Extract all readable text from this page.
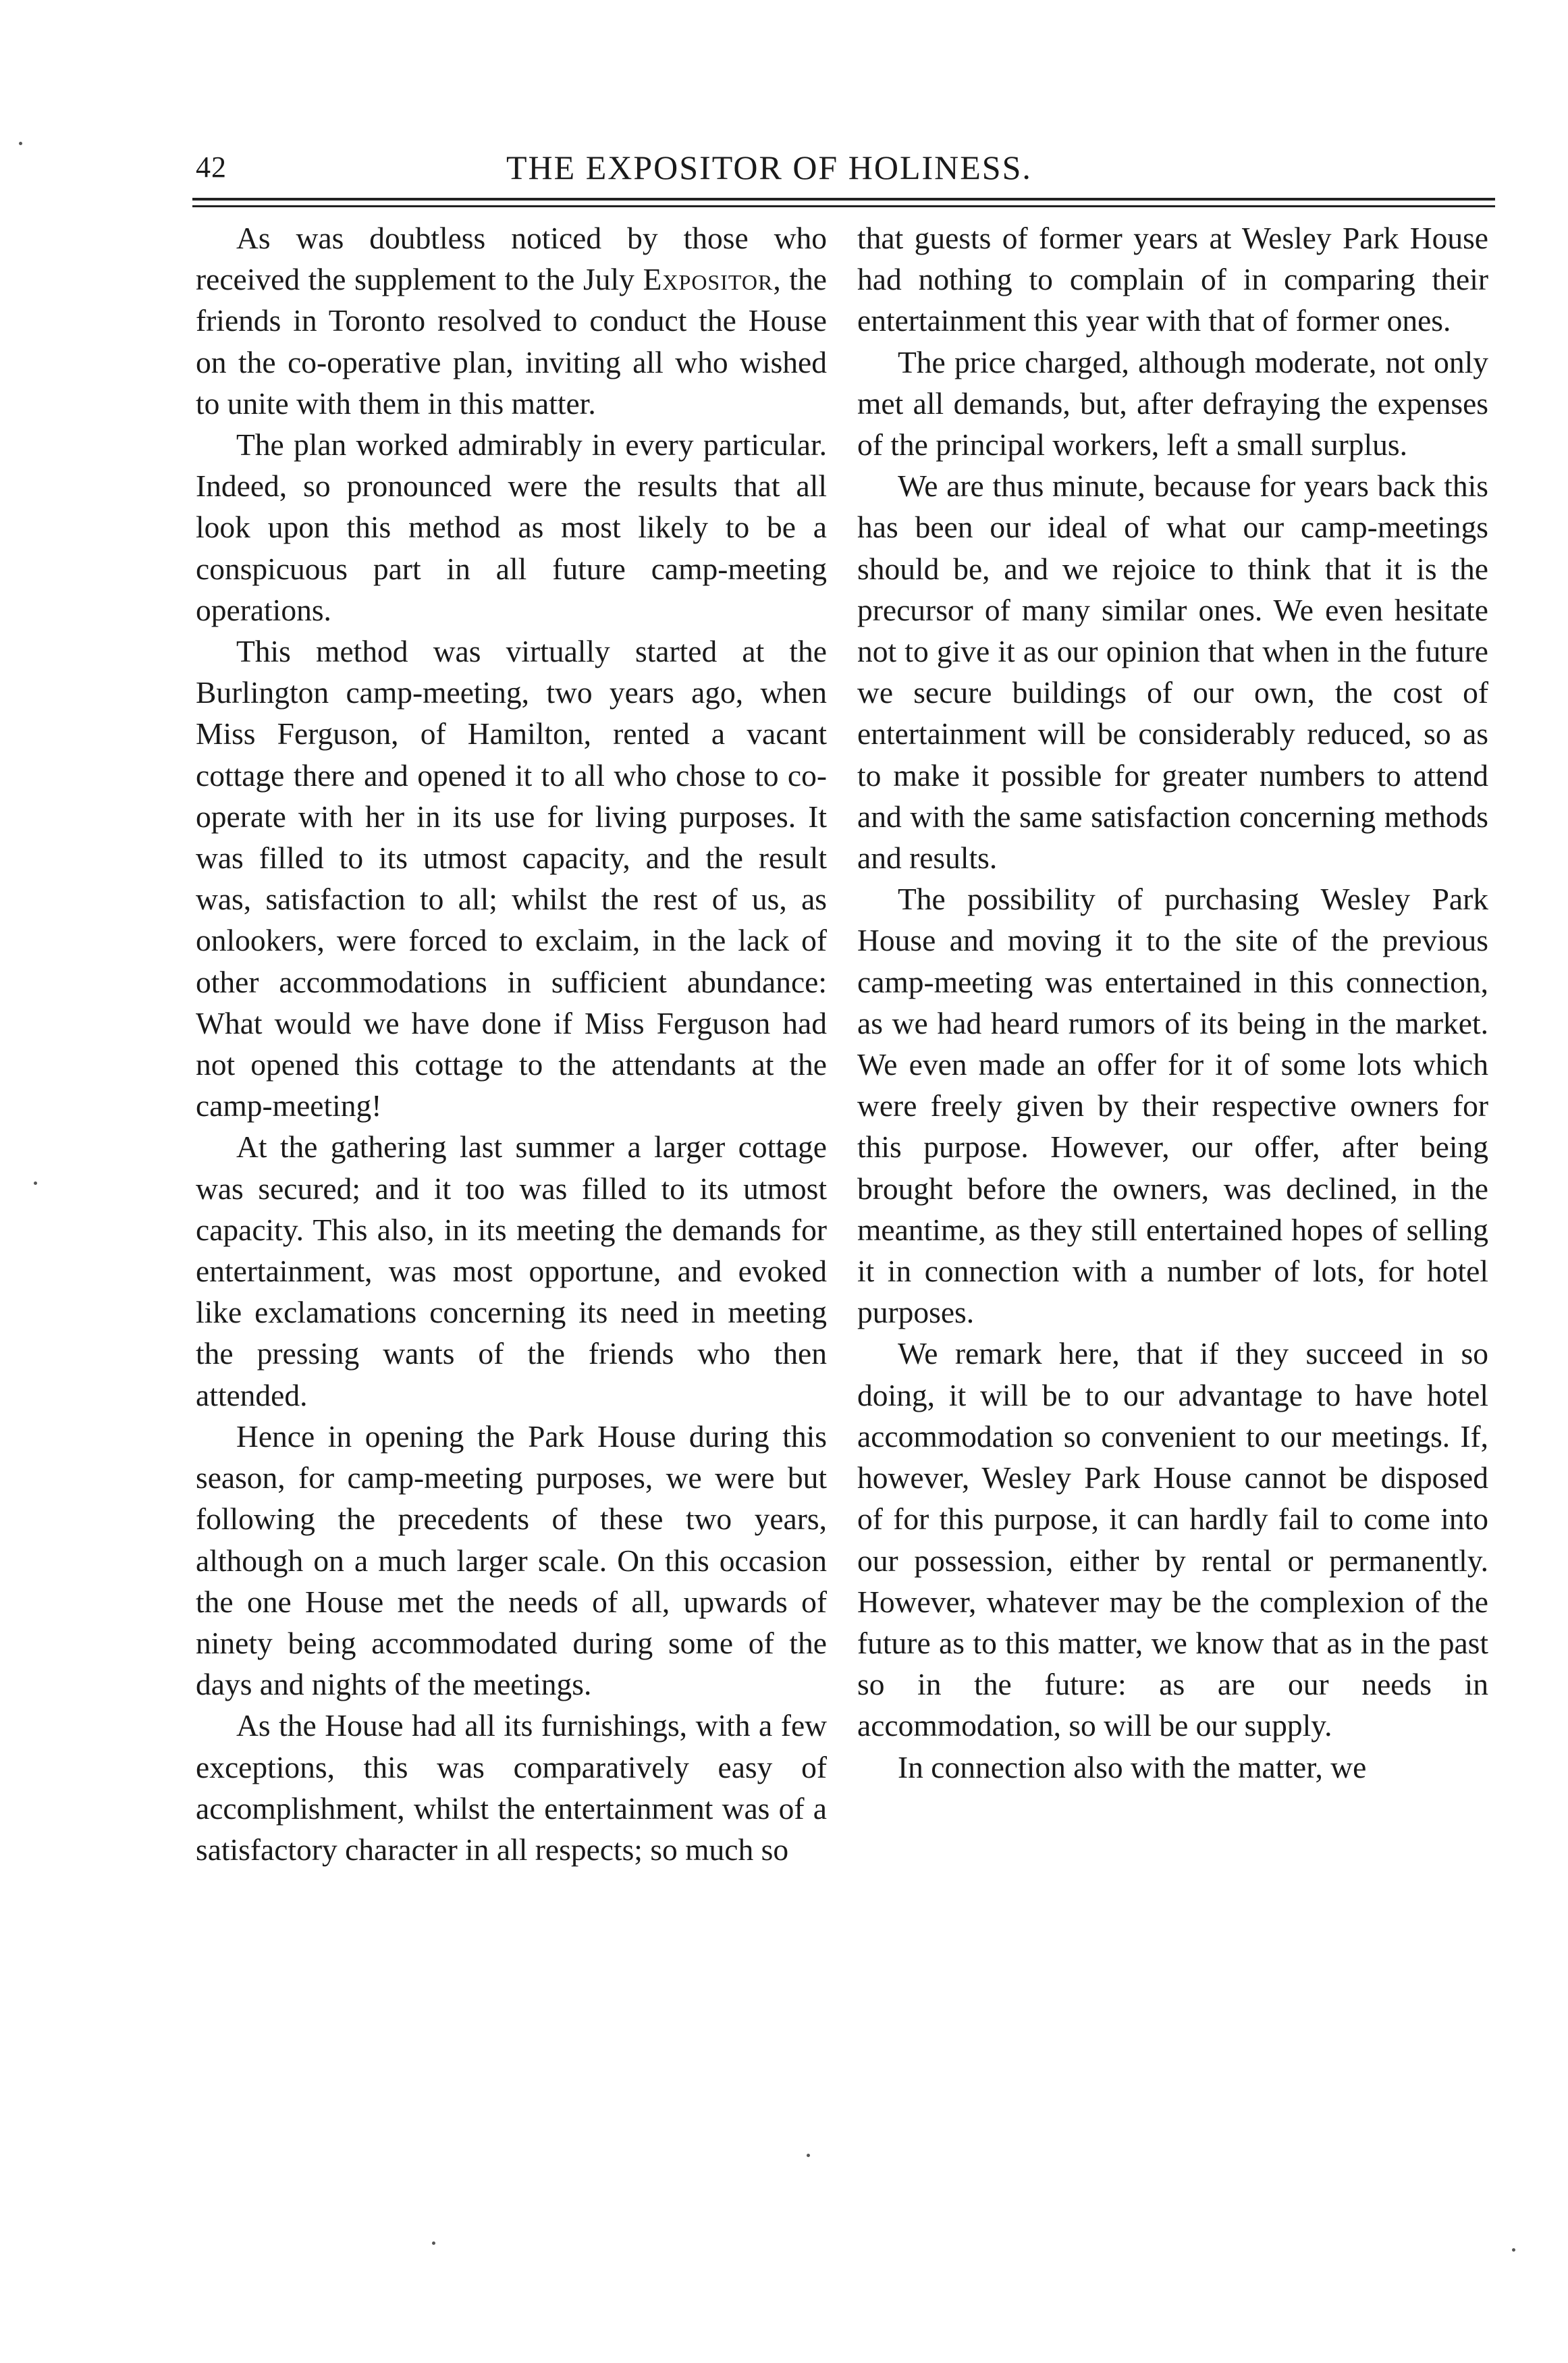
42	THE EXPOSITOR OF HOLINESS.

As was doubtless noticed by those who received the supplement to the July Expositor, the friends in Toronto resolved to conduct the House on the co-operative plan, inviting all who wished to unite with them in this matter.

The plan worked admirably in every particular. Indeed, so pronounced were the results that all look upon this method as most likely to be a conspicuous part in all future camp-meeting operations.

This method was virtually started at the Burlington camp-meeting, two years ago, when Miss Ferguson, of Hamilton, rented a vacant cottage there and opened it to all who chose to co-operate with her in its use for living purposes. It was filled to its utmost capacity, and the result was, satisfaction to all; whilst the rest of us, as onlookers, were forced to exclaim, in the lack of other accommodations in sufficient abundance: What would we have done if Miss Ferguson had not opened this cottage to the attendants at the camp-meeting!

At the gathering last summer a larger cottage was secured; and it too was filled to its utmost capacity. This also, in its meeting the demands for entertainment, was most opportune, and evoked like exclamations concerning its need in meeting the pressing wants of the friends who then attended.

Hence in opening the Park House during this season, for camp-meeting purposes, we were but following the precedents of these two years, although on a much larger scale. On this occasion the one House met the needs of all, upwards of ninety being accommodated during some of the days and nights of the meetings.

As the House had all its furnishings, with a few exceptions, this was comparatively easy of accomplishment, whilst the entertainment was of a satisfactory character in all respects; so much so

that guests of former years at Wesley Park House had nothing to complain of in comparing their entertainment this year with that of former ones.

The price charged, although moderate, not only met all demands, but, after defraying the expenses of the principal workers, left a small surplus.

We are thus minute, because for years back this has been our ideal of what our camp-meetings should be, and we rejoice to think that it is the precursor of many similar ones. We even hesitate not to give it as our opinion that when in the future we secure buildings of our own, the cost of entertainment will be considerably reduced, so as to make it possible for greater numbers to attend and with the same satisfaction concerning methods and results.

The possibility of purchasing Wesley Park House and moving it to the site of the previous camp-meeting was entertained in this connection, as we had heard rumors of its being in the market. We even made an offer for it of some lots which were freely given by their respective owners for this purpose. However, our offer, after being brought before the owners, was declined, in the meantime, as they still entertained hopes of selling it in connection with a number of lots, for hotel purposes.

We remark here, that if they succeed in so doing, it will be to our advantage to have hotel accommodation so convenient to our meetings. If, however, Wesley Park House cannot be disposed of for this purpose, it can hardly fail to come into our possession, either by rental or permanently. However, whatever may be the complexion of the future as to this matter, we know that as in the past so in the future: as are our needs in accommodation, so will be our supply.

In connection also with the matter, we
